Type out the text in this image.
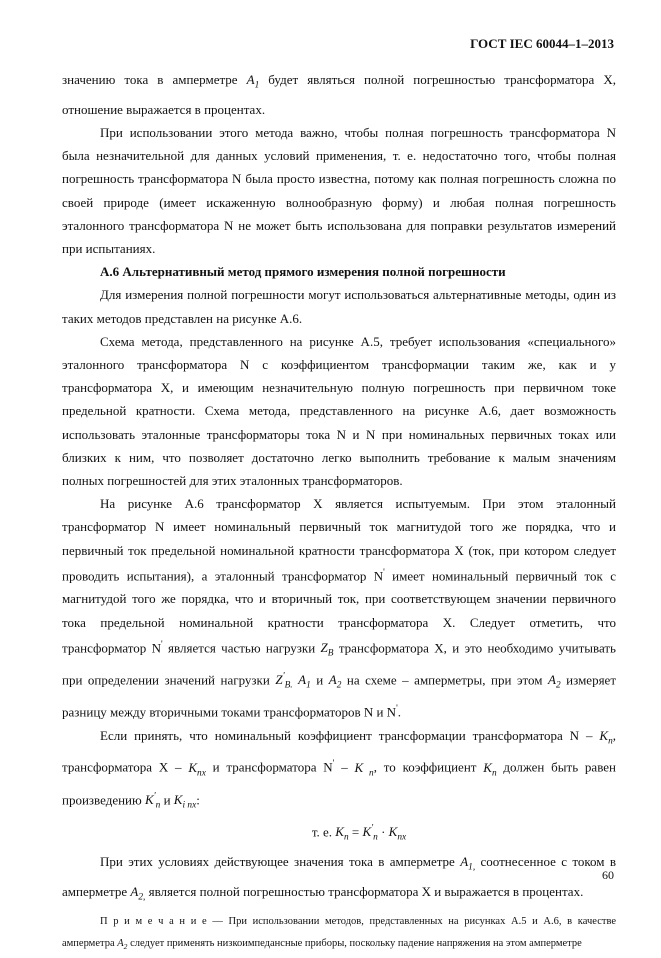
ГОСТ IEC 60044–1–2013

значению тока в амперметре $A_1$ будет являться полной погрешностью трансформатора X,

отношение выражается в процентах.

При использовании этого метода важно, чтобы полная погрешность трансформатора N

была незначительной для данных условий применения, т. е. недостаточно того, чтобы полная

погрешность трансформатора N была просто известна, потому как полная погрешность сложна по

своей природе (имеет искаженную волнообразную форму) и любая полная погрешность

эталонного трансформатора N не может быть использована для поправки результатов измерений

при испытаниях.

А.6 Альтернативный метод прямого измерения полной погрешности

Для измерения полной погрешности могут использоваться альтернативные методы, один из

таких методов представлен на рисунке А.6.

Схема метода, представленного на рисунке А.5, требует использования «специального»

эталонного трансформатора N с коэффициентом трансформации таким же, как и у

трансформатора X, и имеющим незначительную полную погрешность при первичном токе

предельной кратности. Схема метода, представленного на рисунке А.6, дает возможность

использовать эталонные трансформаторы тока N и N при номинальных первичных токах или

близких к ним, что позволяет достаточно легко выполнить требование к малым значениям

полных погрешностей для этих эталонных трансформаторов.

На рисунке А.6 трансформатор X является испытуемым. При этом эталонный

трансформатор N имеет номинальный первичный ток магнитудой того же порядка, что и

первичный ток предельной номинальной кратности трансформатора X (ток, при котором следует

проводить испытания), а эталонный трансформатор N' имеет номинальный первичный ток с

магнитудой того же порядка, что и вторичный ток, при соответствующем значении первичного

тока предельной номинальной кратности трансформатора X. Следует отметить, что

трансформатор N' является частью нагрузки $Z_B$ трансформатора X, и это необходимо учитывать

при определении значений нагрузки $Z'_{B.}$ $A_1$ и $A_2$ на схеме – амперметры, при этом $A_2$ измеряет

разницу между вторичными токами трансформаторов N и N'.

Если принять, что номинальный коэффициент трансформации трансформатора N – $K_n$,

трансформатора X – $K_{nx}$ и трансформатора N' – K $_n$, то коэффициент $K_n$ должен быть равен

произведению $K'_n$ и $K_{i nx}$:

т. е. $K_n = K'_n \cdot K_{nx}$

При этих условиях действующее значения тока в амперметре $A_{1,}$ соотнесенное с током в

амперметре $A_{2,}$ является полной погрешностью трансформатора X и выражается в процентах.

П р и м е ч а н и е — При использовании методов, представленных на рисунках А.5 и А.6, в качестве

амперметра $A_2$ следует применять низкоимпедансные приборы, поскольку падение напряжения на этом амперметре

60
